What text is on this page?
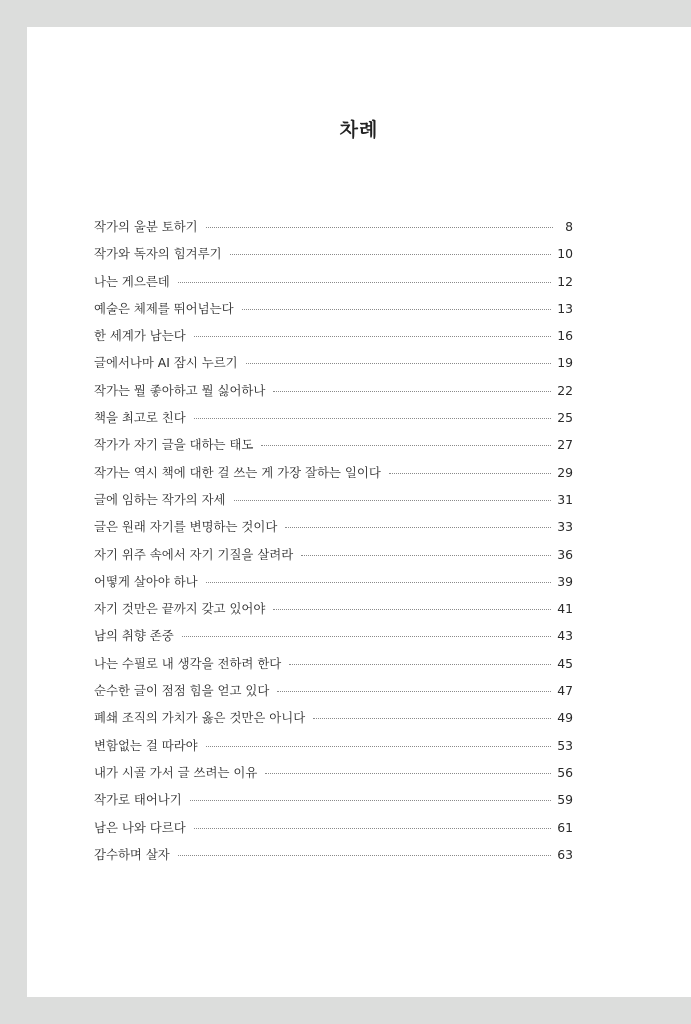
차례
작가의 울분 토하기	8
작가와 독자의 힘겨루기	10
나는 게으른데	12
예술은 체제를 뛰어넘는다	13
한 세계가 남는다	16
글에서나마 AI 잠시 누르기	19
작가는 뭘 좋아하고 뭘 싫어하나	22
책을 최고로 친다	25
작가가 자기 글을 대하는 태도	27
작가는 역시 책에 대한 걸 쓰는 게 가장 잘하는 일이다	29
글에 임하는 작가의 자세	31
글은 원래 자기를 변명하는 것이다	33
자기 위주 속에서 자기 기질을 살려라	36
어떻게 살아야 하나	39
자기 것만은 끝까지 갖고 있어야	41
남의 취향 존중	43
나는 수필로 내 생각을 전하려 한다	45
순수한 글이 점점 힘을 얻고 있다	47
폐쇄 조직의 가치가 옳은 것만은 아니다	49
변함없는 걸 따라야	53
내가 시골 가서 글 쓰려는 이유	56
작가로 태어나기	59
남은 나와 다르다	61
감수하며 살자	63
